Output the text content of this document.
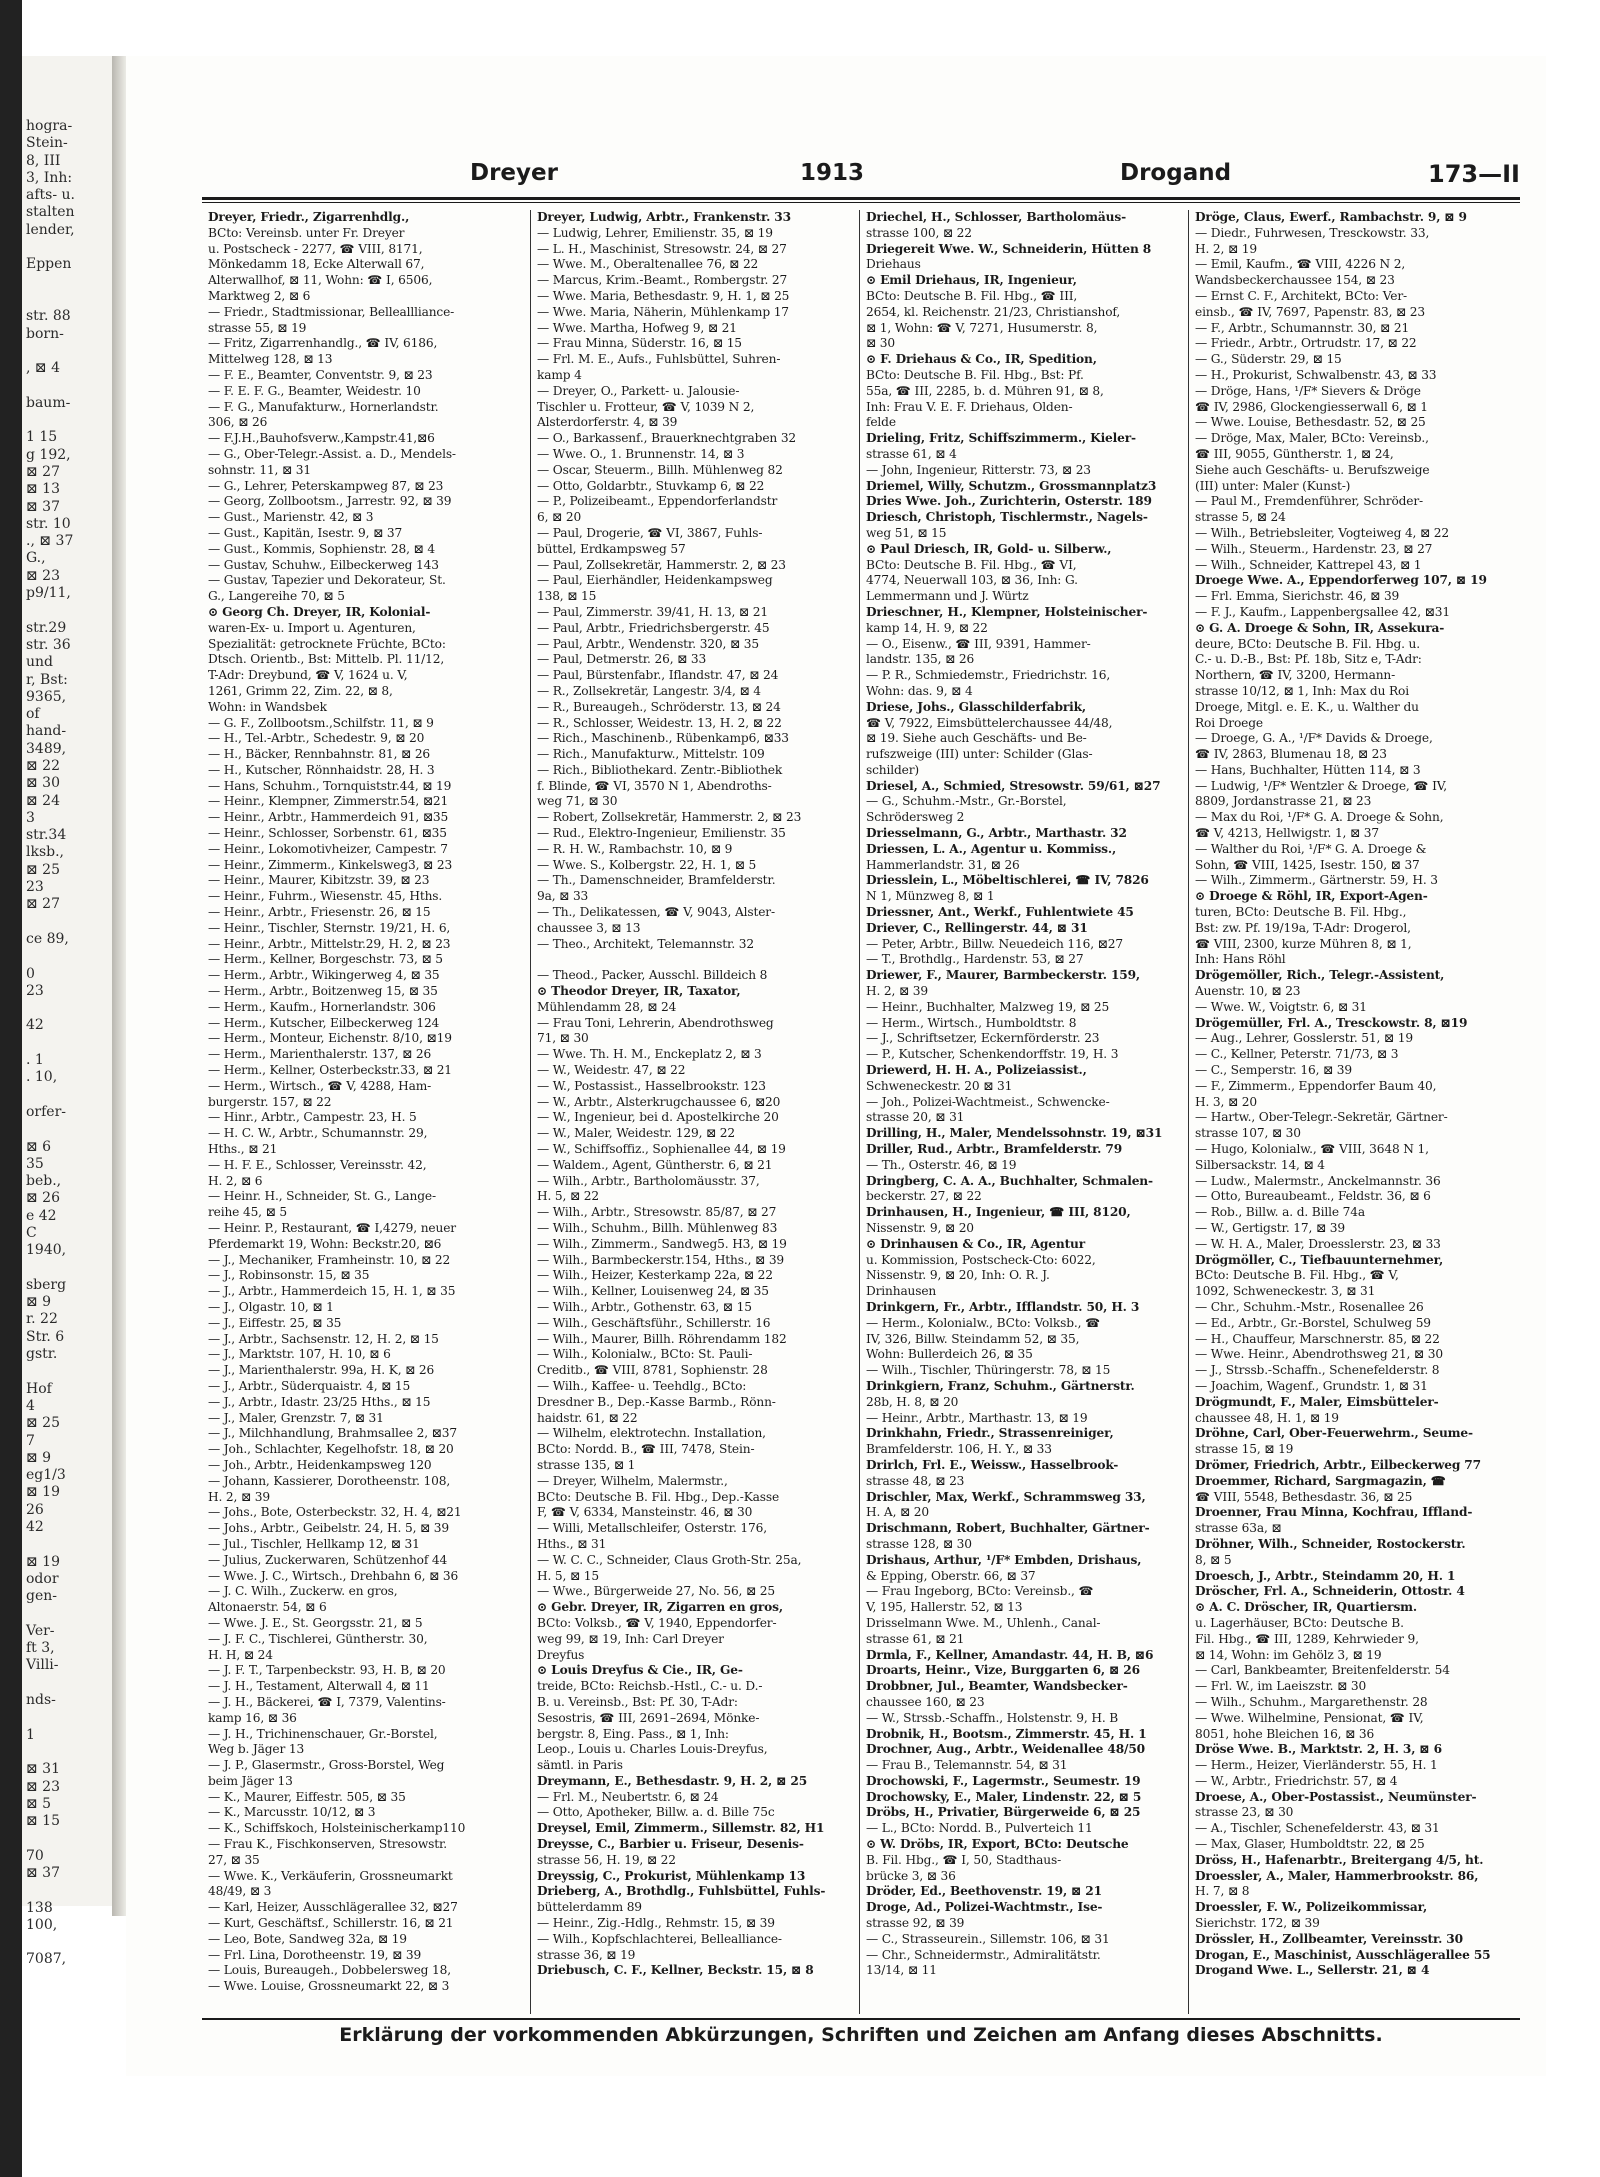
hogra-
Stein-
8, III
3, Inh:
afts- u.
stalten
lender,

Eppen

str. 88
born-

, ⊠ 4

baum-

1 15
g 192,
⊠ 27
⊠ 13
⊠ 37
str. 10
., ⊠ 37
G.,
⊠ 23
p9/11,

str.29
str. 36
und
r, Bst:
9365,
of
hand-
3489,
⊠ 22
⊠ 30
⊠ 24
3
str.34
lksb.,
⊠ 25
23
⊠ 27

ce 89,

0
23

42

. 1
. 10,

orfer-

⊠ 6
35
beb.,
⊠ 26
e 42
C
1940,

sberg
⊠ 9
r. 22
Str. 6
gstr.

Hof
4
⊠ 25
7
⊠ 9
eg1/3
⊠ 19
26
42

⊠ 19
odor
gen-

Ver-
ft 3,
Villi-

nds-

1

⊠ 31
⊠ 23
⊠ 5
⊠ 15

70
⊠ 37

138
100,

7087,
Dreyer	1913	Drogand	173—II
Dreyer, Friedr., Zigarrenhdlg.,
BCto: Vereinsb. unter Fr. Dreyer
u. Postscheck - 2277, ☎ VIII, 8171,
Mönkedamm 18, Ecke Alterwall 67,
Alterwallhof, ⊠ 11, Wohn: ☎ I, 6506,
Marktweg 2, ⊠ 6
— Friedr., Stadtmissionar, Belleallliance-
strasse 55, ⊠ 19
— Fritz, Zigarrenhandlg., ☎ IV, 6186,
Mittelweg 128, ⊠ 13
— F. E., Beamter, Conventstr. 9, ⊠ 23
— F. E. F. G., Beamter, Weidestr. 10
— F. G., Manufakturw., Hornerlandstr.
306, ⊠ 26
— F.J.H.,Bauhofsverw.,Kampstr.41,⊠6
— G., Ober-Telegr.-Assist. a. D., Mendels-
sohnstr. 11, ⊠ 31
— G., Lehrer, Peterskampweg 87, ⊠ 23
— Georg, Zollbootsm., Jarrestr. 92, ⊠ 39
— Gust., Marienstr. 42, ⊠ 3
— Gust., Kapitän, Isestr. 9, ⊠ 37
— Gust., Kommis, Sophienstr. 28, ⊠ 4
— Gustav, Schuhw., Eilbeckerweg 143
— Gustav, Tapezier und Dekorateur, St.
G., Langereihe 70, ⊠ 5
⊙ Georg Ch. Dreyer, IR, Kolonial-
waren-Ex- u. Import u. Agenturen,
Spezialität: getrocknete Früchte, BCto:
Dtsch. Orientb., Bst: Mittelb. Pl. 11/12,
T-Adr: Dreybund, ☎ V, 1624 u. V,
1261, Grimm 22, Zim. 22, ⊠ 8,
Wohn: in Wandsbek
— G. F., Zollbootsm.,Schilfstr. 11, ⊠ 9
— H., Tel.-Arbtr., Schedestr. 9, ⊠ 20
— H., Bäcker, Rennbahnstr. 81, ⊠ 26
— H., Kutscher, Rönnhaidstr. 28, H. 3
— Hans, Schuhm., Tornquiststr.44, ⊠ 19
— Heinr., Klempner, Zimmerstr.54, ⊠21
— Heinr., Arbtr., Hammerdeich 91, ⊠35
— Heinr., Schlosser, Sorbenstr. 61, ⊠35
— Heinr., Lokomotivheizer, Campestr. 7
— Heinr., Zimmerm., Kinkelsweg3, ⊠ 23
— Heinr., Maurer, Kibitzstr. 39, ⊠ 23
— Heinr., Fuhrm., Wiesenstr. 45, Hths.
— Heinr., Arbtr., Friesenstr. 26, ⊠ 15
— Heinr., Tischler, Sternstr. 19/21, H. 6,
— Heinr., Arbtr., Mittelstr.29, H. 2, ⊠ 23
— Herm., Kellner, Borgeschstr. 73, ⊠ 5
— Herm., Arbtr., Wikingerweg 4, ⊠ 35
— Herm., Arbtr., Boitzenweg 15, ⊠ 35
— Herm., Kaufm., Hornerlandstr. 306
— Herm., Kutscher, Eilbeckerweg 124
— Herm., Monteur, Eichenstr. 8/10, ⊠19
— Herm., Marienthalerstr. 137, ⊠ 26
— Herm., Kellner, Osterbeckstr.33, ⊠ 21
— Herm., Wirtsch., ☎ V, 4288, Ham-
burgerstr. 157, ⊠ 22
— Hinr., Arbtr., Campestr. 23, H. 5
— H. C. W., Arbtr., Schumannstr. 29,
Hths., ⊠ 21
— H. F. E., Schlosser, Vereinsstr. 42,
H. 2, ⊠ 6
— Heinr. H., Schneider, St. G., Lange-
reihe 45, ⊠ 5
— Heinr. P., Restaurant, ☎ I,4279, neuer
Pferdemarkt 19, Wohn: Beckstr.20, ⊠6
— J., Mechaniker, Framheinstr. 10, ⊠ 22
— J., Robinsonstr. 15, ⊠ 35
— J., Arbtr., Hammerdeich 15, H. 1, ⊠ 35
— J., Olgastr. 10, ⊠ 1
— J., Eiffestr. 25, ⊠ 35
— J., Arbtr., Sachsenstr. 12, H. 2, ⊠ 15
— J., Marktstr. 107, H. 10, ⊠ 6
— J., Marienthalerstr. 99a, H. K, ⊠ 26
— J., Arbtr., Süderquaistr. 4, ⊠ 15
— J., Arbtr., Idastr. 23/25 Hths., ⊠ 15
— J., Maler, Grenzstr. 7, ⊠ 31
— J., Milchhandlung, Brahmsallee 2, ⊠37
— Joh., Schlachter, Kegelhofstr. 18, ⊠ 20
— Joh., Arbtr., Heidenkampsweg 120
— Johann, Kassierer, Dorotheenstr. 108,
H. 2, ⊠ 39
— Johs., Bote, Osterbeckstr. 32, H. 4, ⊠21
— Johs., Arbtr., Geibelstr. 24, H. 5, ⊠ 39
— Jul., Tischler, Hellkamp 12, ⊠ 31
— Julius, Zuckerwaren, Schützenhof 44
— Wwe. J. C., Wirtsch., Drehbahn 6, ⊠ 36
— J. C. Wilh., Zuckerw. en gros,
Altonaerstr. 54, ⊠ 6
— Wwe. J. E., St. Georgsstr. 21, ⊠ 5
— J. F. C., Tischlerei, Güntherstr. 30,
H. H, ⊠ 24
— J. F. T., Tarpenbeckstr. 93, H. B, ⊠ 20
— J. H., Testament, Alterwall 4, ⊠ 11
— J. H., Bäckerei, ☎ I, 7379, Valentins-
kamp 16, ⊠ 36
— J. H., Trichinenschauer, Gr.-Borstel,
Weg b. Jäger 13
— J. P., Glasermstr., Gross-Borstel, Weg
beim Jäger 13
— K., Maurer, Eiffestr. 505, ⊠ 35
— K., Marcusstr. 10/12, ⊠ 3
— K., Schiffskoch, Holsteinischerkamp110
— Frau K., Fischkonserven, Stresowstr.
27, ⊠ 35
— Wwe. K., Verkäuferin, Grossneumarkt
48/49, ⊠ 3
— Karl, Heizer, Ausschlägerallee 32, ⊠27
— Kurt, Geschäftsf., Schillerstr. 16, ⊠ 21
— Leo, Bote, Sandweg 32a, ⊠ 19
— Frl. Lina, Dorotheenstr. 19, ⊠ 39
— Louis, Bureaugeh., Dobbelersweg 18,
— Wwe. Louise, Grossneumarkt 22, ⊠ 3
Dreyer, Ludwig, Arbtr., Frankenstr. 33
— Ludwig, Lehrer, Emilienstr. 35, ⊠ 19
— L. H., Maschinist, Stresowstr. 24, ⊠ 27
— Wwe. M., Oberaltenallee 76, ⊠ 22
— Marcus, Krim.-Beamt., Rombergstr. 27
— Wwe. Maria, Bethesdastr. 9, H. 1, ⊠ 25
— Wwe. Maria, Näherin, Mühlenkamp 17
— Wwe. Martha, Hofweg 9, ⊠ 21
— Frau Minna, Süderstr. 16, ⊠ 15
— Frl. M. E., Aufs., Fuhlsbüttel, Suhren-
kamp 4
— Dreyer, O., Parkett- u. Jalousie-
Tischler u. Frotteur, ☎ V, 1039 N 2,
Alsterdorferstr. 4, ⊠ 39
— O., Barkassenf., Brauerknechtgraben 32
— Wwe. O., 1. Brunnenstr. 14, ⊠ 3
— Oscar, Steuerm., Billh. Mühlenweg 82
— Otto, Goldarbtr., Stuvkamp 6, ⊠ 22
— P., Polizeibeamt., Eppendorferlandstr
6, ⊠ 20
— Paul, Drogerie, ☎ VI, 3867, Fuhls-
büttel, Erdkampsweg 57
— Paul, Zollsekretär, Hammerstr. 2, ⊠ 23
— Paul, Eierhändler, Heidenkampsweg
138, ⊠ 15
— Paul, Zimmerstr. 39/41, H. 13, ⊠ 21
— Paul, Arbtr., Friedrichsbergerstr. 45
— Paul, Arbtr., Wendenstr. 320, ⊠ 35
— Paul, Detmerstr. 26, ⊠ 33
— Paul, Bürstenfabr., Iflandstr. 47, ⊠ 24
— R., Zollsekretär, Langestr. 3/4, ⊠ 4
— R., Bureaugeh., Schröderstr. 13, ⊠ 24
— R., Schlosser, Weidestr. 13, H. 2, ⊠ 22
— Rich., Maschinenb., Rübenkamp6, ⊠33
— Rich., Manufakturw., Mittelstr. 109
— Rich., Bibliothekard. Zentr.-Bibliothek
f. Blinde, ☎ VI, 3570 N 1, Abendroths-
weg 71, ⊠ 30
— Robert, Zollsekretär, Hammerstr. 2, ⊠ 23
— Rud., Elektro-Ingenieur, Emilienstr. 35
— R. H. W., Rambachstr. 10, ⊠ 9
— Wwe. S., Kolbergstr. 22, H. 1, ⊠ 5
— Th., Damenschneider, Bramfelderstr.
9a, ⊠ 33
— Th., Delikatessen, ☎ V, 9043, Alster-
chaussee 3, ⊠ 13
— Theo., Architekt, Telemannstr. 32

— Theod., Packer, Ausschl. Billdeich 8
⊙ Theodor Dreyer, IR, Taxator,
Mühlendamm 28, ⊠ 24
— Frau Toni, Lehrerin, Abendrothsweg
71, ⊠ 30
— Wwe. Th. H. M., Enckeplatz 2, ⊠ 3
— W., Weidestr. 47, ⊠ 22
— W., Postassist., Hasselbrookstr. 123
— W., Arbtr., Alsterkrugchaussee 6, ⊠20
— W., Ingenieur, bei d. Apostelkirche 20
— W., Maler, Weidestr. 129, ⊠ 22
— W., Schiffsoffiz., Sophienallee 44, ⊠ 19
— Waldem., Agent, Güntherstr. 6, ⊠ 21
— Wilh., Arbtr., Bartholomäusstr. 37,
H. 5, ⊠ 22
— Wilh., Arbtr., Stresowstr. 85/87, ⊠ 27
— Wilh., Schuhm., Billh. Mühlenweg 83
— Wilh., Zimmerm., Sandweg5. H3, ⊠ 19
— Wilh., Barmbeckerstr.154, Hths., ⊠ 39
— Wilh., Heizer, Kesterkamp 22a, ⊠ 22
— Wilh., Kellner, Louisenweg 24, ⊠ 35
— Wilh., Arbtr., Gothenstr. 63, ⊠ 15
— Wilh., Geschäftsführ., Schillerstr. 16
— Wilh., Maurer, Billh. Röhrendamm 182
— Wilh., Kolonialw., BCto: St. Pauli-
Creditb., ☎ VIII, 8781, Sophienstr. 28
— Wilh., Kaffee- u. Teehdlg., BCto:
Dresdner B., Dep.-Kasse Barmb., Rönn-
haidstr. 61, ⊠ 22
— Wilhelm, elektrotechn. Installation,
BCto: Nordd. B., ☎ III, 7478, Stein-
strasse 135, ⊠ 1
— Dreyer, Wilhelm, Malermstr.,
BCto: Deutsche B. Fil. Hbg., Dep.-Kasse
F, ☎ V, 6334, Mansteinstr. 46, ⊠ 30
— Willi, Metallschleifer, Osterstr. 176,
Hths., ⊠ 31
— W. C. C., Schneider, Claus Groth-Str. 25a,
H. 5, ⊠ 15
— Wwe., Bürgerweide 27, No. 56, ⊠ 25
⊙ Gebr. Dreyer, IR, Zigarren en gros,
BCto: Volksb., ☎ V, 1940, Eppendorfer-
weg 99, ⊠ 19, Inh: Carl Dreyer
Dreyfus
⊙ Louis Dreyfus & Cie., IR, Ge-
treide, BCto: Reichsb.-Hstl., C.- u. D.-
B. u. Vereinsb., Bst: Pf. 30, T-Adr:
Sesostris, ☎ III, 2691–2694, Mönke-
bergstr. 8, Eing. Pass., ⊠ 1, Inh:
Leop., Louis u. Charles Louis-Dreyfus,
sämtl. in Paris
Dreymann, E., Bethesdastr. 9, H. 2, ⊠ 25
— Frl. M., Neubertstr. 6, ⊠ 24
— Otto, Apotheker, Billw. a. d. Bille 75c
Dreysel, Emil, Zimmerm., Sillemstr. 82, H1
Dreysse, C., Barbier u. Friseur, Desenis-
strasse 56, H. 19, ⊠ 22
Dreyssig, C., Prokurist, Mühlenkamp 13
Drieberg, A., Brothdlg., Fuhlsbüttel, Fuhls-
büttelerdamm 89
— Heinr., Zig.-Hdlg., Rehmstr. 15, ⊠ 39
— Wilh., Kopfschlachterei, Bellealliance-
strasse 36, ⊠ 19
Driebusch, C. F., Kellner, Beckstr. 15, ⊠ 8
Driechel, H., Schlosser, Bartholomäus-
strasse 100, ⊠ 22
Driegereit Wwe. W., Schneiderin, Hütten 8
Driehaus
⊙ Emil Driehaus, IR, Ingenieur,
BCto: Deutsche B. Fil. Hbg., ☎ III,
2654, kl. Reichenstr. 21/23, Christianshof,
⊠ 1, Wohn: ☎ V, 7271, Husumerstr. 8,
⊠ 30
⊙ F. Driehaus & Co., IR, Spedition,
BCto: Deutsche B. Fil. Hbg., Bst: Pf.
55a, ☎ III, 2285, b. d. Mühren 91, ⊠ 8,
Inh: Frau V. E. F. Driehaus, Olden-
felde
Drieling, Fritz, Schiffszimmerm., Kieler-
strasse 61, ⊠ 4
— John, Ingenieur, Ritterstr. 73, ⊠ 23
Driemel, Willy, Schutzm., Grossmannplatz3
Dries Wwe. Joh., Zurichterin, Osterstr. 189
Driesch, Christoph, Tischlermstr., Nagels-
weg 51, ⊠ 15
⊙ Paul Driesch, IR, Gold- u. Silberw.,
BCto: Deutsche B. Fil. Hbg., ☎ VI,
4774, Neuerwall 103, ⊠ 36, Inh: G.
Lemmermann und J. Würtz
Drieschner, H., Klempner, Holsteinischer-
kamp 14, H. 9, ⊠ 22
— O., Eisenw., ☎ III, 9391, Hammer-
landstr. 135, ⊠ 26
— P. R., Schmiedemstr., Friedrichstr. 16,
Wohn: das. 9, ⊠ 4
Driese, Johs., Glasschilderfabrik,
☎ V, 7922, Eimsbüttelerchaussee 44/48,
⊠ 19. Siehe auch Geschäfts- und Be-
rufszweige (III) unter: Schilder (Glas-
schilder)
Driesel, A., Schmied, Stresowstr. 59/61, ⊠27
— G., Schuhm.-Mstr., Gr.-Borstel,
Schrödersweg 2
Driesselmann, G., Arbtr., Marthastr. 32
Driessen, L. A., Agentur u. Kommiss.,
Hammerlandstr. 31, ⊠ 26
Driesslein, L., Möbeltischlerei, ☎ IV, 7826
N 1, Münzweg 8, ⊠ 1
Driessner, Ant., Werkf., Fuhlentwiete 45
Driever, C., Rellingerstr. 44, ⊠ 31
— Peter, Arbtr., Billw. Neuedeich 116, ⊠27
— T., Brothdlg., Hardenstr. 53, ⊠ 27
Driewer, F., Maurer, Barmbeckerstr. 159,
H. 2, ⊠ 39
— Heinr., Buchhalter, Malzweg 19, ⊠ 25
— Herm., Wirtsch., Humboldtstr. 8
— J., Schriftsetzer, Eckernförderstr. 23
— P., Kutscher, Schenkendorffstr. 19, H. 3
Driewerd, H. H. A., Polizeiassist.,
Schweneckestr. 20 ⊠ 31
— Joh., Polizei-Wachtmeist., Schwencke-
strasse 20, ⊠ 31
Drilling, H., Maler, Mendelssohnstr. 19, ⊠31
Driller, Rud., Arbtr., Bramfelderstr. 79
— Th., Osterstr. 46, ⊠ 19
Dringberg, C. A. A., Buchhalter, Schmalen-
beckerstr. 27, ⊠ 22
Drinhausen, H., Ingenieur, ☎ III, 8120,
Nissenstr. 9, ⊠ 20
⊙ Drinhausen & Co., IR, Agentur
u. Kommission, Postscheck-Cto: 6022,
Nissenstr. 9, ⊠ 20, Inh: O. R. J.
Drinhausen
Drinkgern, Fr., Arbtr., Ifflandstr. 50, H. 3
— Herm., Kolonialw., BCto: Volksb., ☎
IV, 326, Billw. Steindamm 52, ⊠ 35,
Wohn: Bullerdeich 26, ⊠ 35
— Wilh., Tischler, Thüringerstr. 78, ⊠ 15
Drinkgiern, Franz, Schuhm., Gärtnerstr.
28b, H. 8, ⊠ 20
— Heinr., Arbtr., Marthastr. 13, ⊠ 19
Drinkhahn, Friedr., Strassenreiniger,
Bramfelderstr. 106, H. Y., ⊠ 33
Drirlch, Frl. E., Weissw., Hasselbrook-
strasse 48, ⊠ 23
Drischler, Max, Werkf., Schrammsweg 33,
H. A, ⊠ 20
Drischmann, Robert, Buchhalter, Gärtner-
strasse 128, ⊠ 30
Drishaus, Arthur, ¹/F* Embden, Drishaus,
& Epping, Oberstr. 66, ⊠ 37
— Frau Ingeborg, BCto: Vereinsb., ☎
V, 195, Hallerstr. 52, ⊠ 13
Drisselmann Wwe. M., Uhlenh., Canal-
strasse 61, ⊠ 21
Drmla, F., Kellner, Amandastr. 44, H. B, ⊠6
Droarts, Heinr., Vize, Burggarten 6, ⊠ 26
Drobbner, Jul., Beamter, Wandsbecker-
chaussee 160, ⊠ 23
— W., Strssb.-Schaffn., Holstenstr. 9, H. B
Drobnik, H., Bootsm., Zimmerstr. 45, H. 1
Drochner, Aug., Arbtr., Weidenallee 48/50
— Frau B., Telemannstr. 54, ⊠ 31
Drochowski, F., Lagermstr., Seumestr. 19
Drochowsky, E., Maler, Lindenstr. 22, ⊠ 5
Dröbs, H., Privatier, Bürgerweide 6, ⊠ 25
— L., BCto: Nordd. B., Pulverteich 11
⊙ W. Dröbs, IR, Export, BCto: Deutsche
B. Fil. Hbg., ☎ I, 50, Stadthaus-
brücke 3, ⊠ 36
Dröder, Ed., Beethovenstr. 19, ⊠ 21
Droge, Ad., Polizei-Wachtmstr., Ise-
strasse 92, ⊠ 39
— C., Strasseurein., Sillemstr. 106, ⊠ 31
— Chr., Schneidermstr., Admiralitätstr.
13/14, ⊠ 11
Dröge, Claus, Ewerf., Rambachstr. 9, ⊠ 9
— Diedr., Fuhrwesen, Tresckowstr. 33,
H. 2, ⊠ 19
— Emil, Kaufm., ☎ VIII, 4226 N 2,
Wandsbeckerchaussee 154, ⊠ 23
— Ernst C. F., Architekt, BCto: Ver-
einsb., ☎ IV, 7697, Papenstr. 83, ⊠ 23
— F., Arbtr., Schumannstr. 30, ⊠ 21
— Friedr., Arbtr., Ortrudstr. 17, ⊠ 22
— G., Süderstr. 29, ⊠ 15
— H., Prokurist, Schwalbenstr. 43, ⊠ 33
— Dröge, Hans, ¹/F* Sievers & Dröge
☎ IV, 2986, Glockengiesserwall 6, ⊠ 1
— Wwe. Louise, Bethesdastr. 52, ⊠ 25
— Dröge, Max, Maler, BCto: Vereinsb.,
☎ III, 9055, Güntherstr. 1, ⊠ 24,
Siehe auch Geschäfts- u. Berufszweige
(III) unter: Maler (Kunst-)
— Paul M., Fremdenführer, Schröder-
strasse 5, ⊠ 24
— Wilh., Betriebsleiter, Vogteiweg 4, ⊠ 22
— Wilh., Steuerm., Hardenstr. 23, ⊠ 27
— Wilh., Schneider, Kattrepel 43, ⊠ 1
Droege Wwe. A., Eppendorferweg 107, ⊠ 19
— Frl. Emma, Sierichstr. 46, ⊠ 39
— F. J., Kaufm., Lappenbergsallee 42, ⊠31
⊙ G. A. Droege & Sohn, IR, Assekura-
deure, BCto: Deutsche B. Fil. Hbg. u.
C.- u. D.-B., Bst: Pf. 18b, Sitz e, T-Adr:
Northern, ☎ IV, 3200, Hermann-
strasse 10/12, ⊠ 1, Inh: Max du Roi
Droege, Mitgl. e. E. K., u. Walther du
Roi Droege
— Droege, G. A., ¹/F* Davids & Droege,
☎ IV, 2863, Blumenau 18, ⊠ 23
— Hans, Buchhalter, Hütten 114, ⊠ 3
— Ludwig, ¹/F* Wentzler & Droege, ☎ IV,
8809, Jordanstrasse 21, ⊠ 23
— Max du Roi, ¹/F* G. A. Droege & Sohn,
☎ V, 4213, Hellwigstr. 1, ⊠ 37
— Walther du Roi, ¹/F* G. A. Droege &
Sohn, ☎ VIII, 1425, Isestr. 150, ⊠ 37
— Wilh., Zimmerm., Gärtnerstr. 59, H. 3
⊙ Droege & Röhl, IR, Export-Agen-
turen, BCto: Deutsche B. Fil. Hbg.,
Bst: zw. Pf. 19/19a, T-Adr: Drogerol,
☎ VIII, 2300, kurze Mühren 8, ⊠ 1,
Inh: Hans Röhl
Drögemöller, Rich., Telegr.-Assistent,
Auenstr. 10, ⊠ 23
— Wwe. W., Voigtstr. 6, ⊠ 31
Drögemüller, Frl. A., Tresckowstr. 8, ⊠19
— Aug., Lehrer, Gosslerstr. 51, ⊠ 19
— C., Kellner, Peterstr. 71/73, ⊠ 3
— C., Semperstr. 16, ⊠ 39
— F., Zimmerm., Eppendorfer Baum 40,
H. 3, ⊠ 20
— Hartw., Ober-Telegr.-Sekretär, Gärtner-
strasse 107, ⊠ 30
— Hugo, Kolonialw., ☎ VIII, 3648 N 1,
Silbersackstr. 14, ⊠ 4
— Ludw., Malermstr., Anckelmannstr. 36
— Otto, Bureaubeamt., Feldstr. 36, ⊠ 6
— Rob., Billw. a. d. Bille 74a
— W., Gertigstr. 17, ⊠ 39
— W. H. A., Maler, Droesslerstr. 23, ⊠ 33
Drögmöller, C., Tiefbauunternehmer,
BCto: Deutsche B. Fil. Hbg., ☎ V,
1092, Schweneckestr. 3, ⊠ 31
— Chr., Schuhm.-Mstr., Rosenallee 26
— Ed., Arbtr., Gr.-Borstel, Schulweg 59
— H., Chauffeur, Marschnerstr. 85, ⊠ 22
— Wwe. Heinr., Abendrothsweg 21, ⊠ 30
— J., Strssb.-Schaffn., Schenefelderstr. 8
— Joachim, Wagenf., Grundstr. 1, ⊠ 31
Drögmundt, F., Maler, Eimsbütteler-
chaussee 48, H. 1, ⊠ 19
Dröhne, Carl, Ober-Feuerwehrm., Seume-
strasse 15, ⊠ 19
Drömer, Friedrich, Arbtr., Eilbeckerweg 77
Droemmer, Richard, Sargmagazin, ☎
☎ VIII, 5548, Bethesdastr. 36, ⊠ 25
Droenner, Frau Minna, Kochfrau, Iffland-
strasse 63a, ⊠
Dröhner, Wilh., Schneider, Rostockerstr.
8, ⊠ 5
Droesch, J., Arbtr., Steindamm 20, H. 1
Dröscher, Frl. A., Schneiderin, Ottostr. 4
⊙ A. C. Dröscher, IR, Quartiersm.
u. Lagerhäuser, BCto: Deutsche B.
Fil. Hbg., ☎ III, 1289, Kehrwieder 9,
⊠ 14, Wohn: im Gehölz 3, ⊠ 19
— Carl, Bankbeamter, Breitenfelderstr. 54
— Frl. W., im Laeiszstr. ⊠ 30
— Wilh., Schuhm., Margarethenstr. 28
— Wwe. Wilhelmine, Pensionat, ☎ IV,
8051, hohe Bleichen 16, ⊠ 36
Dröse Wwe. B., Marktstr. 2, H. 3, ⊠ 6
— Herm., Heizer, Vierländerstr. 55, H. 1
— W., Arbtr., Friedrichstr. 57, ⊠ 4
Droese, A., Ober-Postassist., Neumünster-
strasse 23, ⊠ 30
— A., Tischler, Schenefelderstr. 43, ⊠ 31
— Max, Glaser, Humboldtstr. 22, ⊠ 25
Dröss, H., Hafenarbtr., Breitergang 4/5, ht.
Droessler, A., Maler, Hammerbrookstr. 86,
H. 7, ⊠ 8
Droessler, F. W., Polizeikommissar,
Sierichstr. 172, ⊠ 39
Drössler, H., Zollbeamter, Vereinsstr. 30
Drogan, E., Maschinist, Ausschlägerallee 55
Drogand Wwe. L., Sellerstr. 21, ⊠ 4
Erklärung der vorkommenden Abkürzungen, Schriften und Zeichen am Anfang dieses Abschnitts.
